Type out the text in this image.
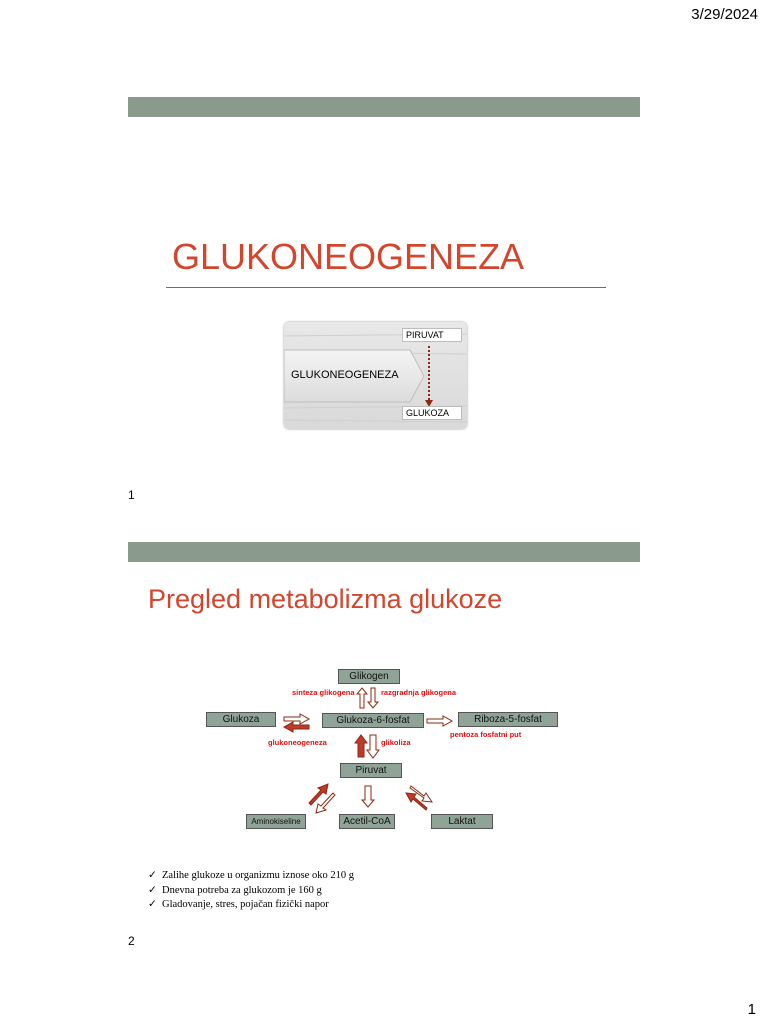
3/29/2024
GLUKONEOGENEZA
PIRUVAT
GLUKONEOGENEZA
GLUKOZA
1
Pregled metabolizma glukoze
Glikogen
Glukoza	Glukoza-6-fosfat	Riboza-5-fosfat
Piruvat
Aminokiseline	Acetil-CoA	Laktat
sinteza glikogena	razgradnja glikogena
glukoneogeneza	glikoliza
pentoza fosfatni put
✓ Zalihe glukoze u organizmu iznose oko 210 g
✓ Dnevna potreba za glukozom je 160 g
✓ Gladovanje, stres, pojačan fizički napor
2
1
